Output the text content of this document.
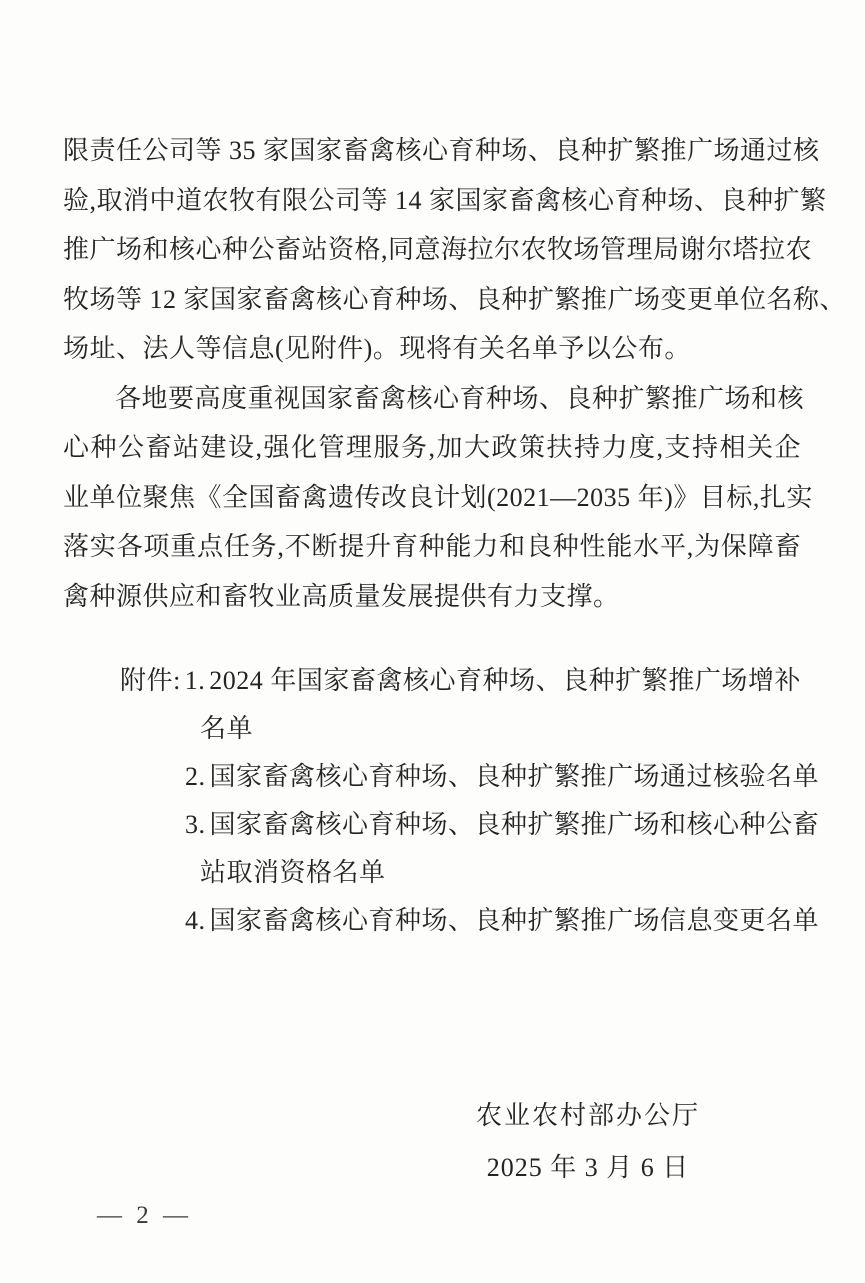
限责任公司等 35 家国家畜禽核心育种场、良种扩繁推广场通过核
验,取消中道农牧有限公司等 14 家国家畜禽核心育种场、良种扩繁
推广场和核心种公畜站资格,同意海拉尔农牧场管理局谢尔塔拉农
牧场等 12 家国家畜禽核心育种场、良种扩繁推广场变更单位名称、
场址、法人等信息(见附件)。现将有关名单予以公布。
各地要高度重视国家畜禽核心育种场、良种扩繁推广场和核
心种公畜站建设,强化管理服务,加大政策扶持力度,支持相关企
业单位聚焦《全国畜禽遗传改良计划(2021—2035 年)》目标,扎实
落实各项重点任务,不断提升育种能力和良种性能水平,为保障畜
禽种源供应和畜牧业高质量发展提供有力支撑。
附件: 1. 2024 年国家畜禽核心育种场、良种扩繁推广场增补
名单
2. 国家畜禽核心育种场、良种扩繁推广场通过核验名单
3. 国家畜禽核心育种场、良种扩繁推广场和核心种公畜
站取消资格名单
4. 国家畜禽核心育种场、良种扩繁推广场信息变更名单
农业农村部办公厅
2025 年 3 月 6 日
— 2 —
